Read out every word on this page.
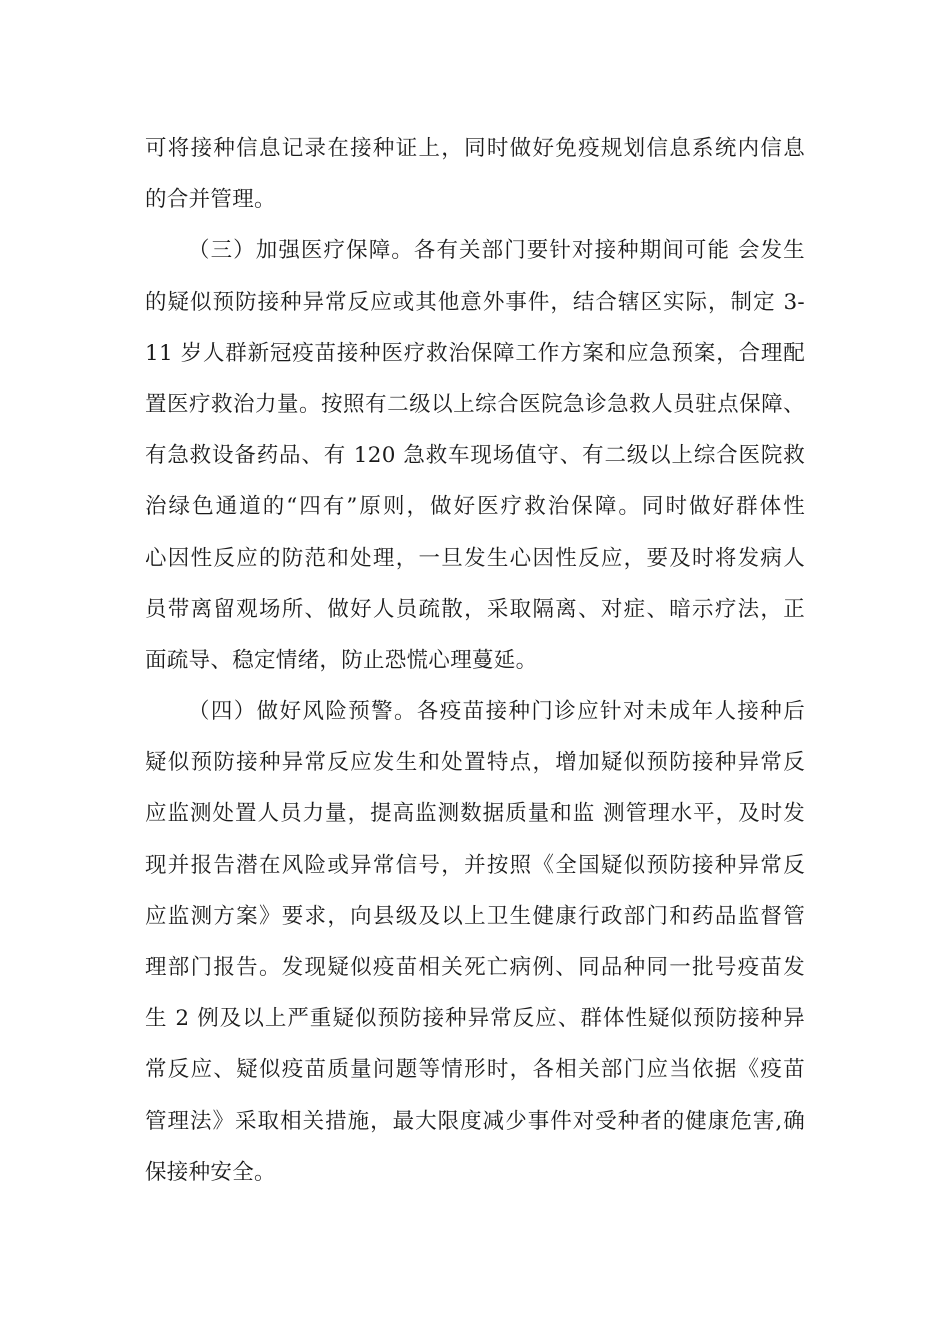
可将接种信息记录在接种证上，同时做好免疫规划信息系统内信息
的合并管理。
（三）加强医疗保障。各有关部门要针对接种期间可能 会发生
的疑似预防接种异常反应或其他意外事件，结合辖区实际，制定 3-
11 岁人群新冠疫苗接种医疗救治保障工作方案和应急预案，合理配
置医疗救治力量。按照有二级以上综合医院急诊急救人员驻点保障、
有急救设备药品、有 120 急救车现场值守、有二级以上综合医院救
治绿色通道的“四有”原则，做好医疗救治保障。同时做好群体性
心因性反应的防范和处理，一旦发生心因性反应，要及时将发病人
员带离留观场所、做好人员疏散，采取隔离、对症、暗示疗法，正
面疏导、稳定情绪，防止恐慌心理蔓延。
（四）做好风险预警。各疫苗接种门诊应针对未成年人接种后
疑似预防接种异常反应发生和处置特点，增加疑似预防接种异常反
应监测处置人员力量，提高监测数据质量和监 测管理水平，及时发
现并报告潜在风险或异常信号，并按照《全国疑似预防接种异常反
应监测方案》要求，向县级及以上卫生健康行政部门和药品监督管
理部门报告。发现疑似疫苗相关死亡病例、同品种同一批号疫苗发
生 2 例及以上严重疑似预防接种异常反应、群体性疑似预防接种异
常反应、疑似疫苗质量问题等情形时，各相关部门应当依据《疫苗
管理法》采取相关措施，最大限度减少事件对受种者的健康危害,确
保接种安全。
